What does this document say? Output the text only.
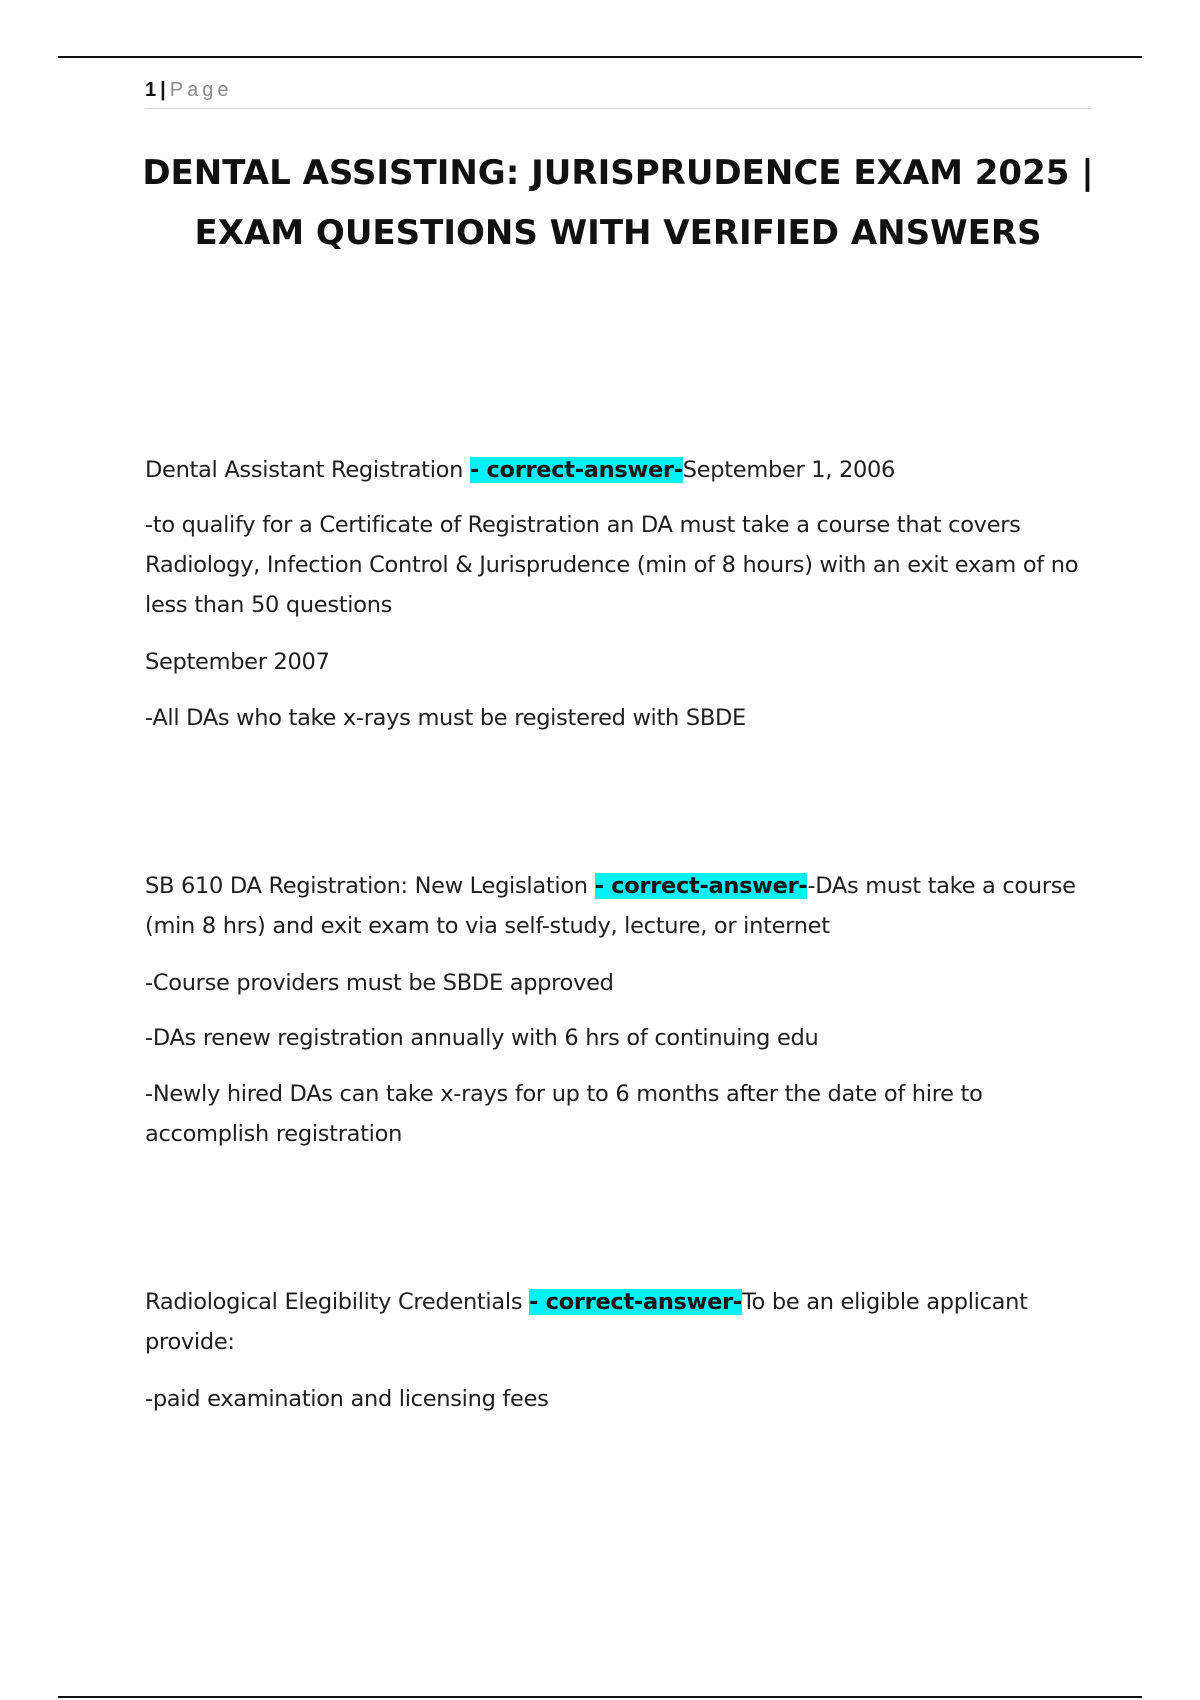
1 | Page
DENTAL ASSISTING: JURISPRUDENCE EXAM 2025 | EXAM QUESTIONS WITH VERIFIED ANSWERS

Dental Assistant Registration - correct-answer-September 1, 2006

-to qualify for a Certificate of Registration an DA must take a course that covers Radiology, Infection Control & Jurisprudence (min of 8 hours) with an exit exam of no less than 50 questions

September 2007

-All DAs who take x-rays must be registered with SBDE

SB 610 DA Registration: New Legislation - correct-answer--DAs must take a course (min 8 hrs) and exit exam to via self-study, lecture, or internet

-Course providers must be SBDE approved

-DAs renew registration annually with 6 hrs of continuing edu

-Newly hired DAs can take x-rays for up to 6 months after the date of hire to accomplish registration

Radiological Elegibility Credentials - correct-answer-To be an eligible applicant provide:

-paid examination and licensing fees
